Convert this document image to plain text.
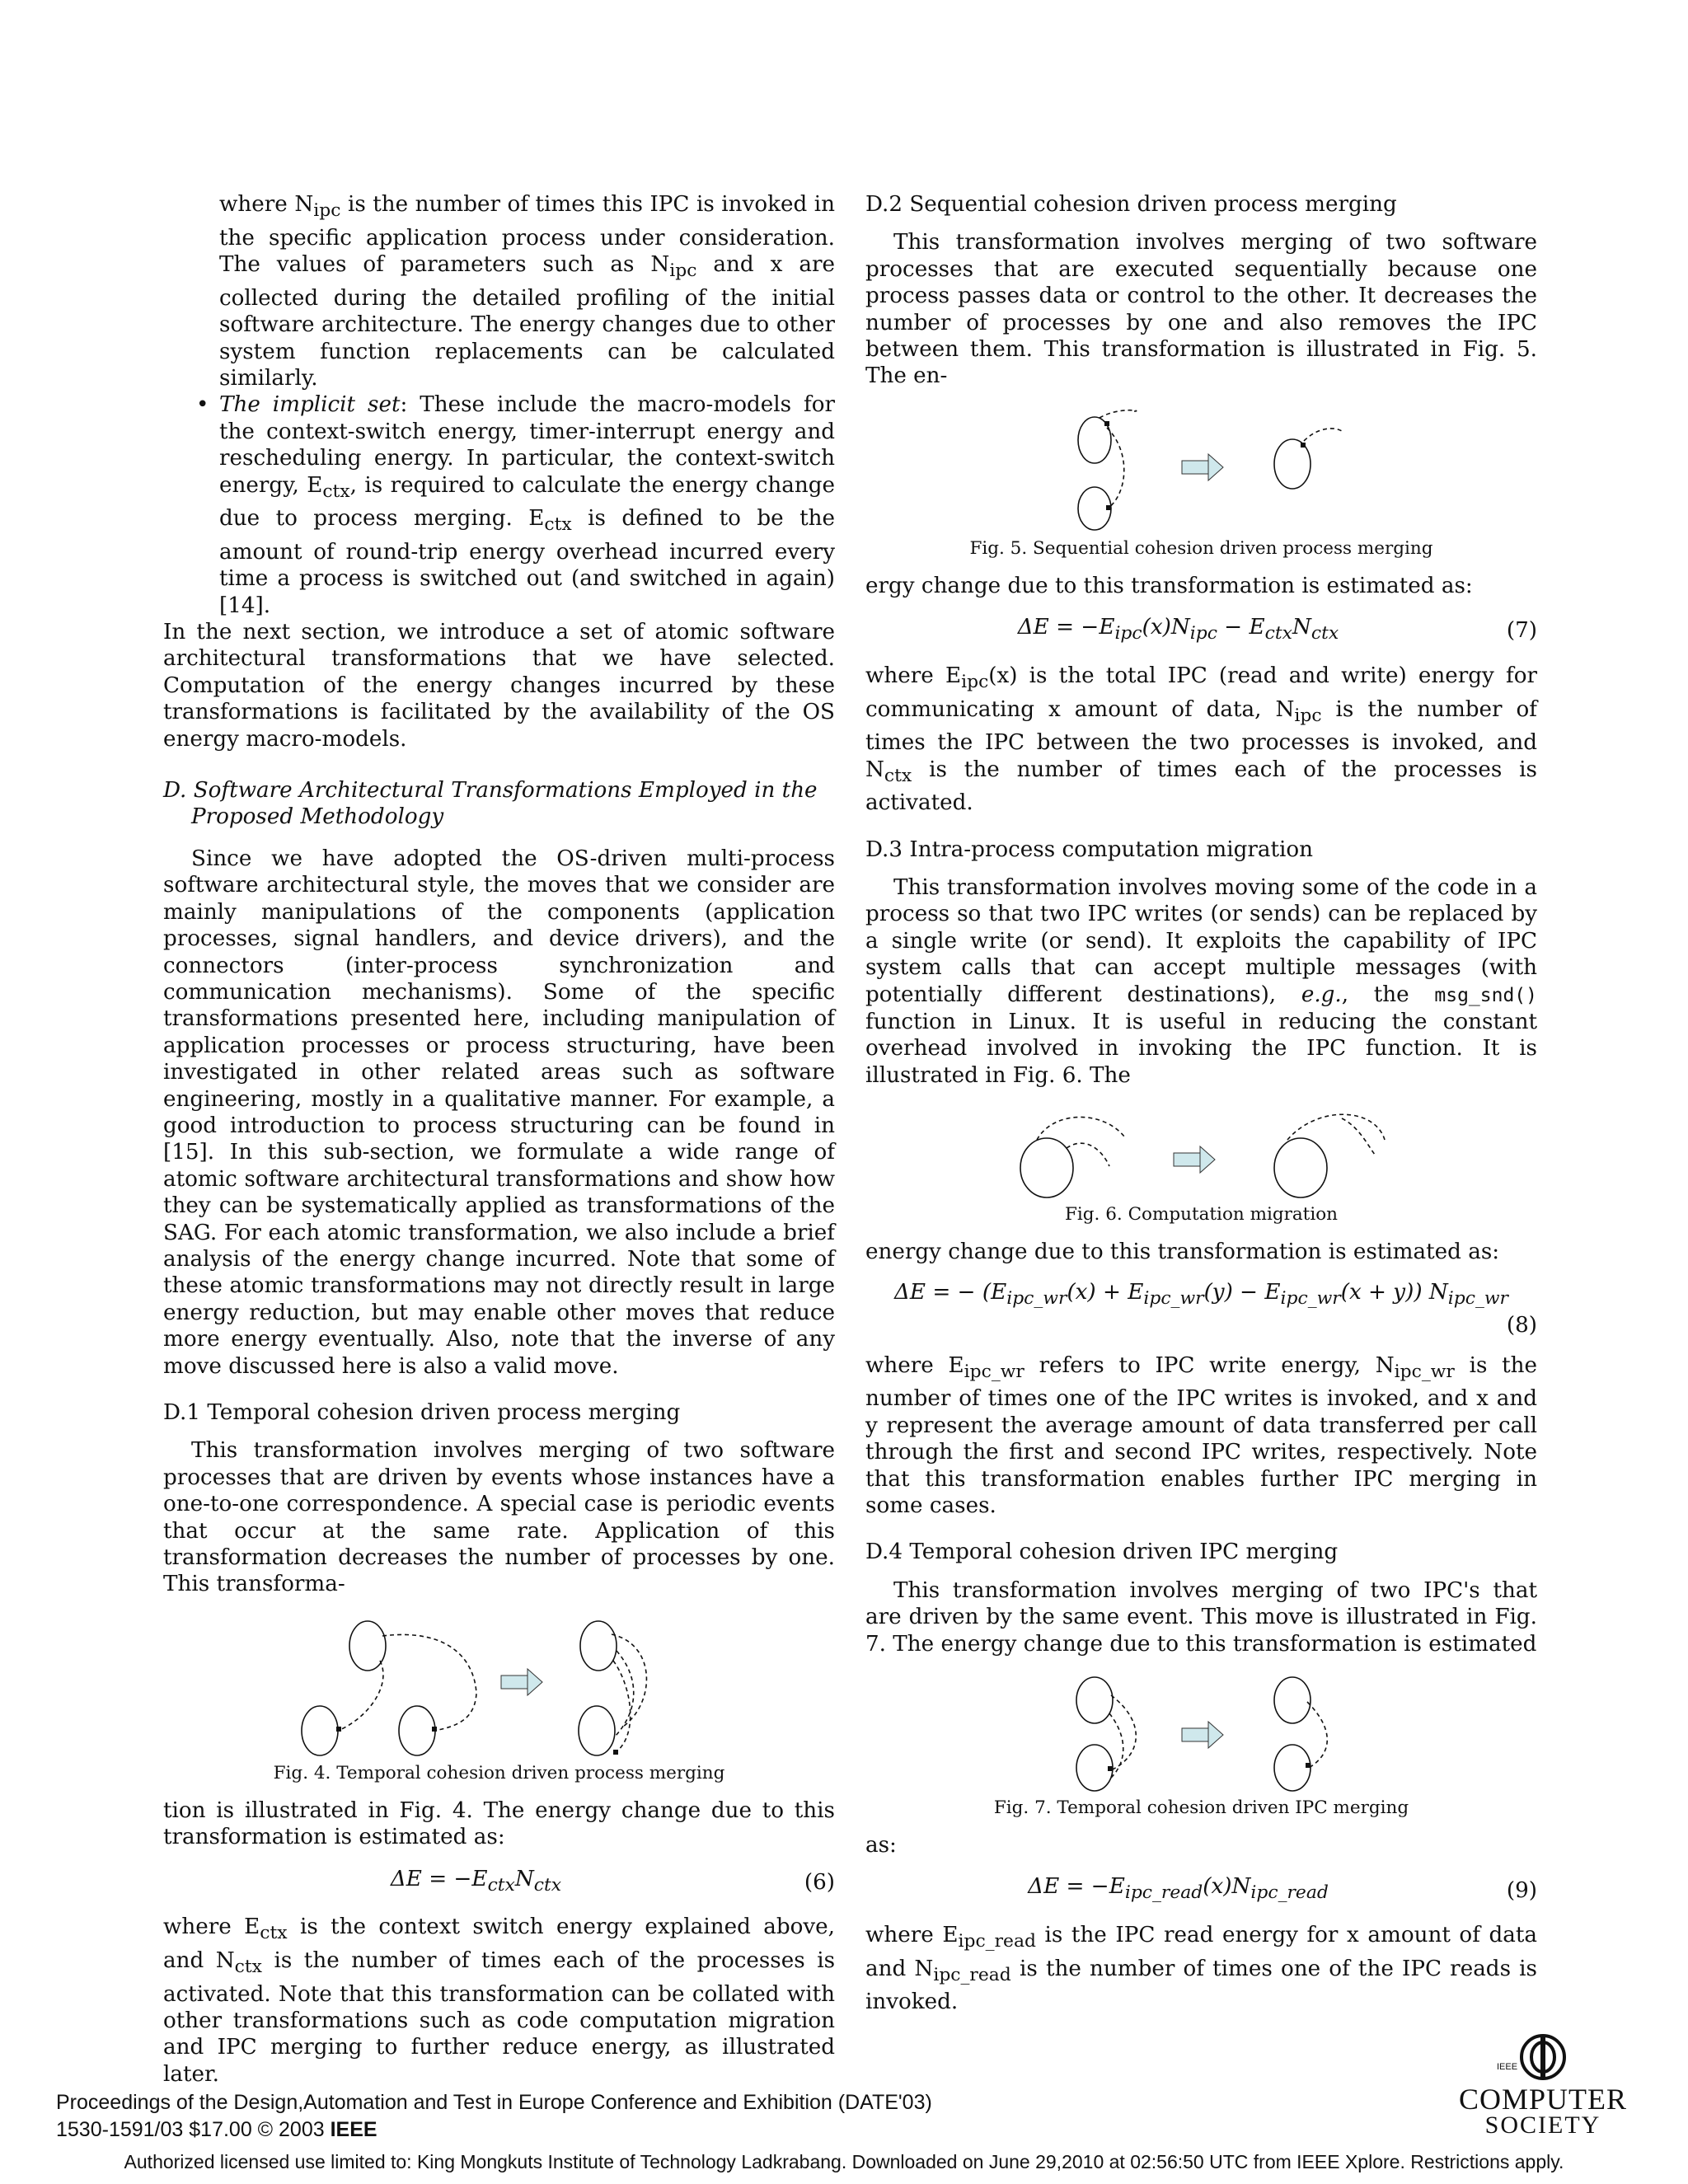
where $N_{ipc}$ is the number of times this IPC is invoked in the specific application process under consideration. The values of parameters such as $N_{ipc}$ and x are collected during the detailed profiling of the initial software architecture. The energy changes due to other system function replacements can be calculated similarly.

• The implicit set: These include the macro-models for the context-switch energy, timer-interrupt energy and rescheduling energy. In particular, the context-switch energy, $E_{ctx}$, is required to calculate the energy change due to process merging. $E_{ctx}$ is defined to be the amount of round-trip energy overhead incurred every time a process is switched out (and switched in again) [14].

In the next section, we introduce a set of atomic software architectural transformations that we have selected. Computation of the energy changes incurred by these transformations is facilitated by the availability of the OS energy macro-models.

D. Software Architectural Transformations Employed in the Proposed Methodology

Since we have adopted the OS-driven multi-process software architectural style, the moves that we consider are mainly manipulations of the components (application processes, signal handlers, and device drivers), and the connectors (inter-process synchronization and communication mechanisms). Some of the specific transformations presented here, including manipulation of application processes or process structuring, have been investigated in other related areas such as software engineering, mostly in a qualitative manner. For example, a good introduction to process structuring can be found in [15]. In this sub-section, we formulate a wide range of atomic software architectural transformations and show how they can be systematically applied as transformations of the SAG. For each atomic transformation, we also include a brief analysis of the energy change incurred. Note that some of these atomic transformations may not directly result in large energy reduction, but may enable other moves that reduce more energy eventually. Also, note that the inverse of any move discussed here is also a valid move.

D.1 Temporal cohesion driven process merging

This transformation involves merging of two software processes that are driven by events whose instances have a one-to-one correspondence. A special case is periodic events that occur at the same rate. Application of this transformation decreases the number of processes by one. This transforma-

Fig. 4. Temporal cohesion driven process merging

tion is illustrated in Fig. 4. The energy change due to this transformation is estimated as:

$\Delta E = -E_{ctx}N_{ctx}$	(6)

where $E_{ctx}$ is the context switch energy explained above, and $N_{ctx}$ is the number of times each of the processes is activated. Note that this transformation can be collated with other transformations such as code computation migration and IPC merging to further reduce energy, as illustrated later.

D.2 Sequential cohesion driven process merging

This transformation involves merging of two software processes that are executed sequentially because one process passes data or control to the other. It decreases the number of processes by one and also removes the IPC between them. This transformation is illustrated in Fig. 5. The en-

Fig. 5. Sequential cohesion driven process merging

ergy change due to this transformation is estimated as:

$\Delta E = -E_{ipc}(x)N_{ipc} - E_{ctx}N_{ctx}$	(7)

where $E_{ipc}(x)$ is the total IPC (read and write) energy for communicating x amount of data, $N_{ipc}$ is the number of times the IPC between the two processes is invoked, and $N_{ctx}$ is the number of times each of the processes is activated.

D.3 Intra-process computation migration

This transformation involves moving some of the code in a process so that two IPC writes (or sends) can be replaced by a single write (or send). It exploits the capability of IPC system calls that can accept multiple messages (with potentially different destinations), e.g., the msg_snd() function in Linux. It is useful in reducing the constant overhead involved in invoking the IPC function. It is illustrated in Fig. 6. The

Fig. 6. Computation migration

energy change due to this transformation is estimated as:

ΔE = − $(E_{ipc\_wr}(x) + E_{ipc\_wr}(y) - E_{ipc\_wr}(x + y))$ $N_{ipc\_wr}$
(8)

where $E_{ipc\_wr}$ refers to IPC write energy, $N_{ipc\_wr}$ is the number of times one of the IPC writes is invoked, and x and y represent the average amount of data transferred per call through the first and second IPC writes, respectively. Note that this transformation enables further IPC merging in some cases.

D.4 Temporal cohesion driven IPC merging

This transformation involves merging of two IPC's that are driven by the same event. This move is illustrated in Fig. 7. The energy change due to this transformation is estimated

Fig. 7. Temporal cohesion driven IPC merging

as:

$\Delta E = -E_{ipc\_read}(x)N_{ipc\_read}$	(9)

where $E_{ipc\_read}$ is the IPC read energy for x amount of data and $N_{ipc\_read}$ is the number of times one of the IPC reads is invoked.

Proceedings of the Design,Automation and Test in Europe Conference and Exhibition (DATE'03)
1530-1591/03 $17.00 © 2003 IEEE
IEEE
COMPUTER
SOCIETY
Authorized licensed use limited to: King Mongkuts Institute of Technology Ladkrabang. Downloaded on June 29,2010 at 02:56:50 UTC from IEEE Xplore. Restrictions apply.
